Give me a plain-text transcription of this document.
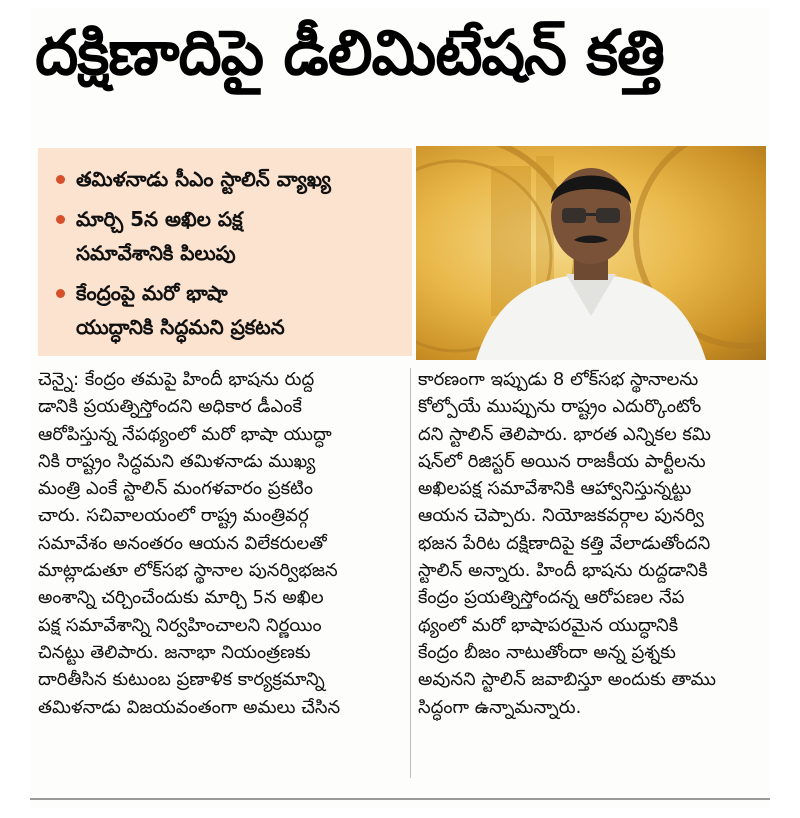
దక్షిణాదిపై డీలిమిటేషన్ కత్తి
తమిళనాడు సీఎం స్టాలిన్ వ్యాఖ్య
మార్చి 5న అఖిల పక్ష
సమావేశానికి పిలుపు
కేంద్రంపై మరో భాషా
యుద్ధానికి సిద్ధమని ప్రకటన
చెన్నై: కేంద్రం తమపై హిందీ భాషను రుద్ద
డానికి ప్రయత్నిస్తోందని అధికార డీఎంకే
ఆరోపిస్తున్న నేపథ్యంలో మరో భాషా యుద్ధా
నికి రాష్ట్రం సిద్ధమని తమిళనాడు ముఖ్య
మంత్రి ఎంకే స్టాలిన్ మంగళవారం ప్రకటిం
చారు. సచివాలయంలో రాష్ట్ర మంత్రివర్గ
సమావేశం అనంతరం ఆయన విలేకరులతో
మాట్లాడుతూ లోక్‌సభ స్థానాల పునర్విభజన
అంశాన్ని చర్చించేందుకు మార్చి 5న అఖిల
పక్ష సమావేశాన్ని నిర్వహించాలని నిర్ణయిం
చినట్టు తెలిపారు. జనాభా నియంత్రణకు
దారితీసిన కుటుంబ ప్రణాళిక కార్యక్రమాన్ని
తమిళనాడు విజయవంతంగా అమలు చేసిన
కారణంగా ఇప్పుడు 8 లోక్‌సభ స్థానాలను
కోల్పోయే ముప్పును రాష్ట్రం ఎదుర్కొంటోం
దని స్టాలిన్ తెలిపారు. భారత ఎన్నికల కమి
షన్‌లో రిజిస్టర్ అయిన రాజకీయ పార్టీలను
అఖిలపక్ష సమావేశానికి ఆహ్వానిస్తున్నట్టు
ఆయన చెప్పారు. నియోజకవర్గాల పునర్వి
భజన పేరిట దక్షిణాదిపై కత్తి వేలాడుతోందని
స్టాలిన్ అన్నారు. హిందీ భాషను రుద్దడానికి
కేంద్రం ప్రయత్నిస్తోందన్న ఆరోపణల నేప
థ్యంలో మరో భాషాపరమైన యుద్ధానికి
కేంద్రం బీజం నాటుతోందా అన్న ప్రశ్నకు
అవునని స్టాలిన్ జవాబిస్తూ అందుకు తాము
సిద్ధంగా ఉన్నామన్నారు.
